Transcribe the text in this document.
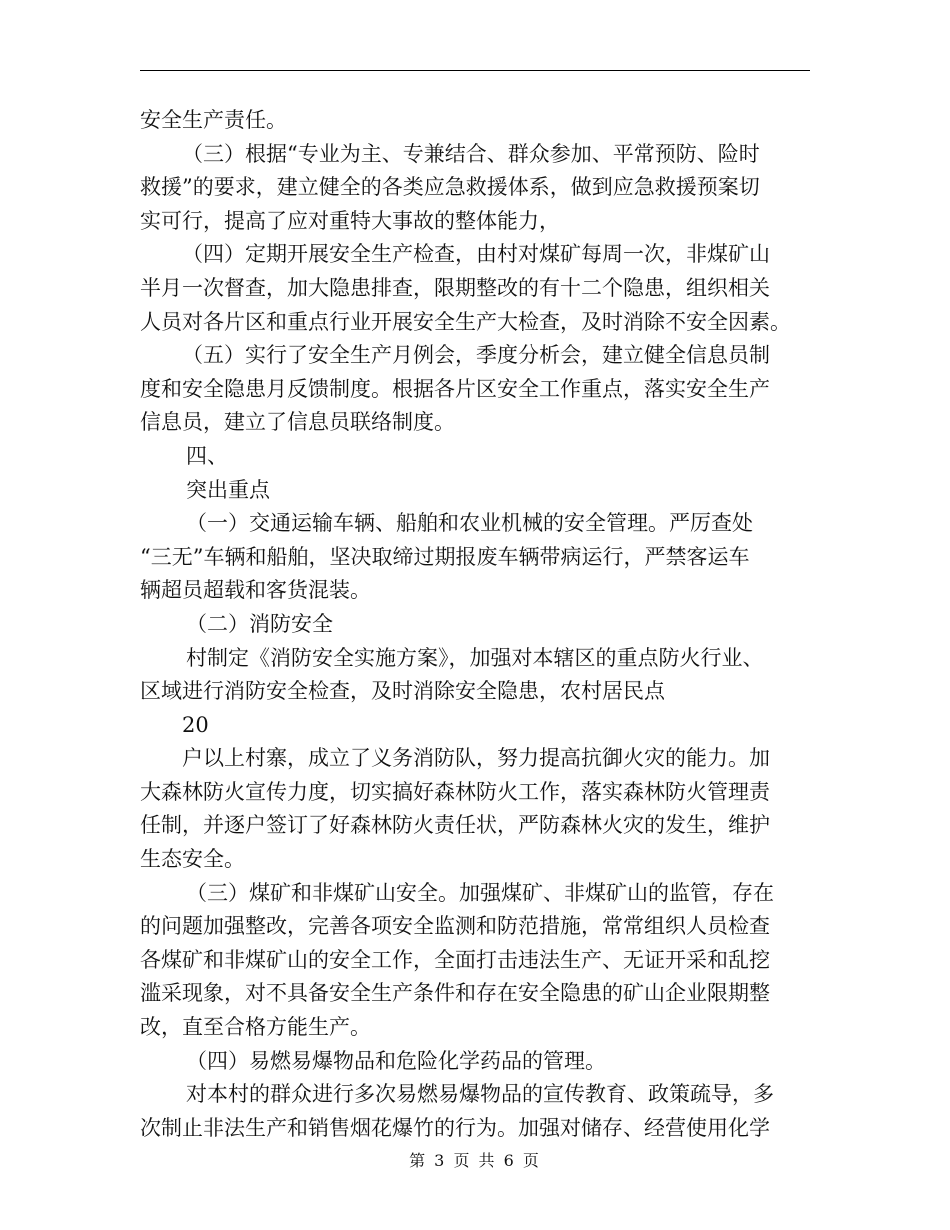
安全生产责任。
（三）根据“专业为主、专兼结合、群众参加、平常预防、险时
救援”的要求，建立健全的各类应急救援体系，做到应急救援预案切
实可行，提高了应对重特大事故的整体能力，
（四）定期开展安全生产检查，由村对煤矿每周一次，非煤矿山
半月一次督查，加大隐患排查，限期整改的有十二个隐患，组织相关
人员对各片区和重点行业开展安全生产大检查，及时消除不安全因素。
（五）实行了安全生产月例会，季度分析会，建立健全信息员制
度和安全隐患月反馈制度。根据各片区安全工作重点，落实安全生产
信息员，建立了信息员联络制度。
四、
突出重点
（一）交通运输车辆、船舶和农业机械的安全管理。严厉查处
“三无”车辆和船舶，坚决取缔过期报废车辆带病运行，严禁客运车
辆超员超载和客货混装。
（二）消防安全
村制定《消防安全实施方案》，加强对本辖区的重点防火行业、
区域进行消防安全检查，及时消除安全隐患，农村居民点
20
户以上村寨，成立了义务消防队，努力提高抗御火灾的能力。加
大森林防火宣传力度，切实搞好森林防火工作，落实森林防火管理责
任制，并逐户签订了好森林防火责任状，严防森林火灾的发生，维护
生态安全。
（三）煤矿和非煤矿山安全。加强煤矿、非煤矿山的监管，存在
的问题加强整改，完善各项安全监测和防范措施，常常组织人员检查
各煤矿和非煤矿山的安全工作，全面打击违法生产、无证开采和乱挖
滥采现象，对不具备安全生产条件和存在安全隐患的矿山企业限期整
改，直至合格方能生产。
（四）易燃易爆物品和危险化学药品的管理。
对本村的群众进行多次易燃易爆物品的宣传教育、政策疏导，多
次制止非法生产和销售烟花爆竹的行为。加强对储存、经营使用化学
第 3 页 共 6 页
